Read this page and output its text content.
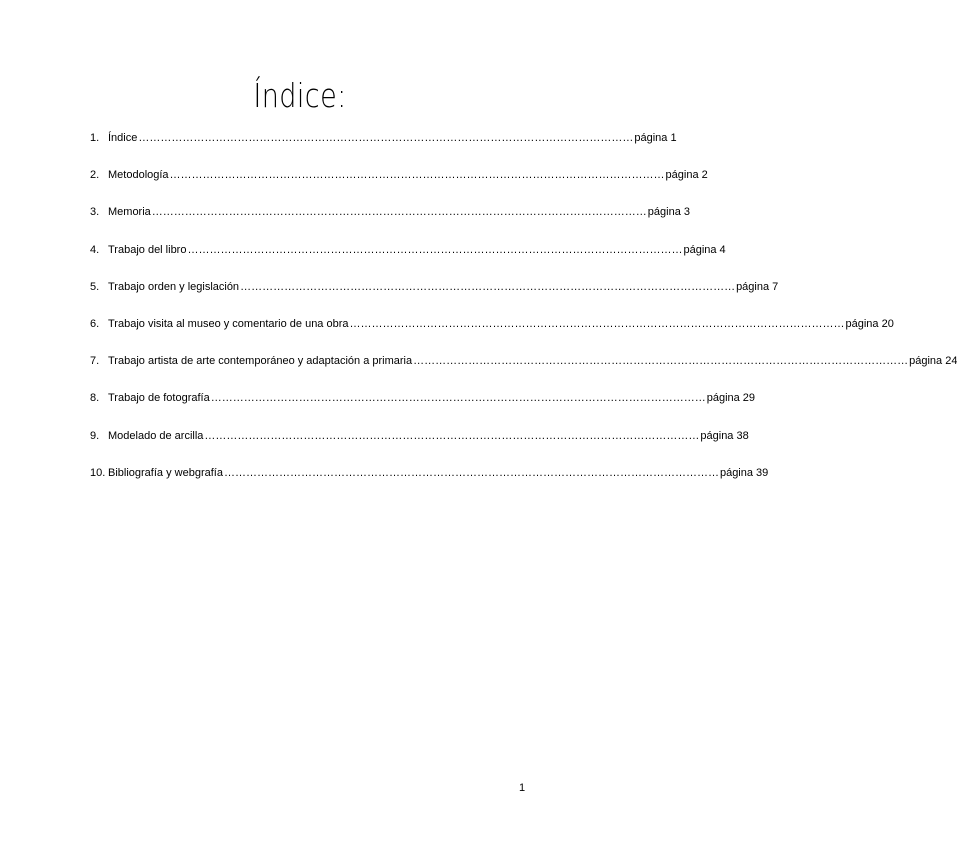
Índice:
1. Índice ……………………………………………………………………………………………………………………… página 1
2. Metodología ……………………………………………………………………………………………………………………… página 2
3. Memoria ……………………………………………………………………………………………………………………… página 3
4. Trabajo del libro ……………………………………………………………………………………………………………………… página 4
5. Trabajo orden y legislación ……………………………………………………………………………………………………………………… página 7
6. Trabajo visita al museo y comentario de una obra ……………………………………………………………………………………………………………………… página 20
7. Trabajo artista de arte contemporáneo y adaptación a primaria ……………………………………………………………………………………………………………………… página 24
8. Trabajo de fotografía ……………………………………………………………………………………………………………………… página 29
9. Modelado de arcilla ……………………………………………………………………………………………………………………… página 38
10. Bibliografía y webgrafía ……………………………………………………………………………………………………………………… página 39
1
